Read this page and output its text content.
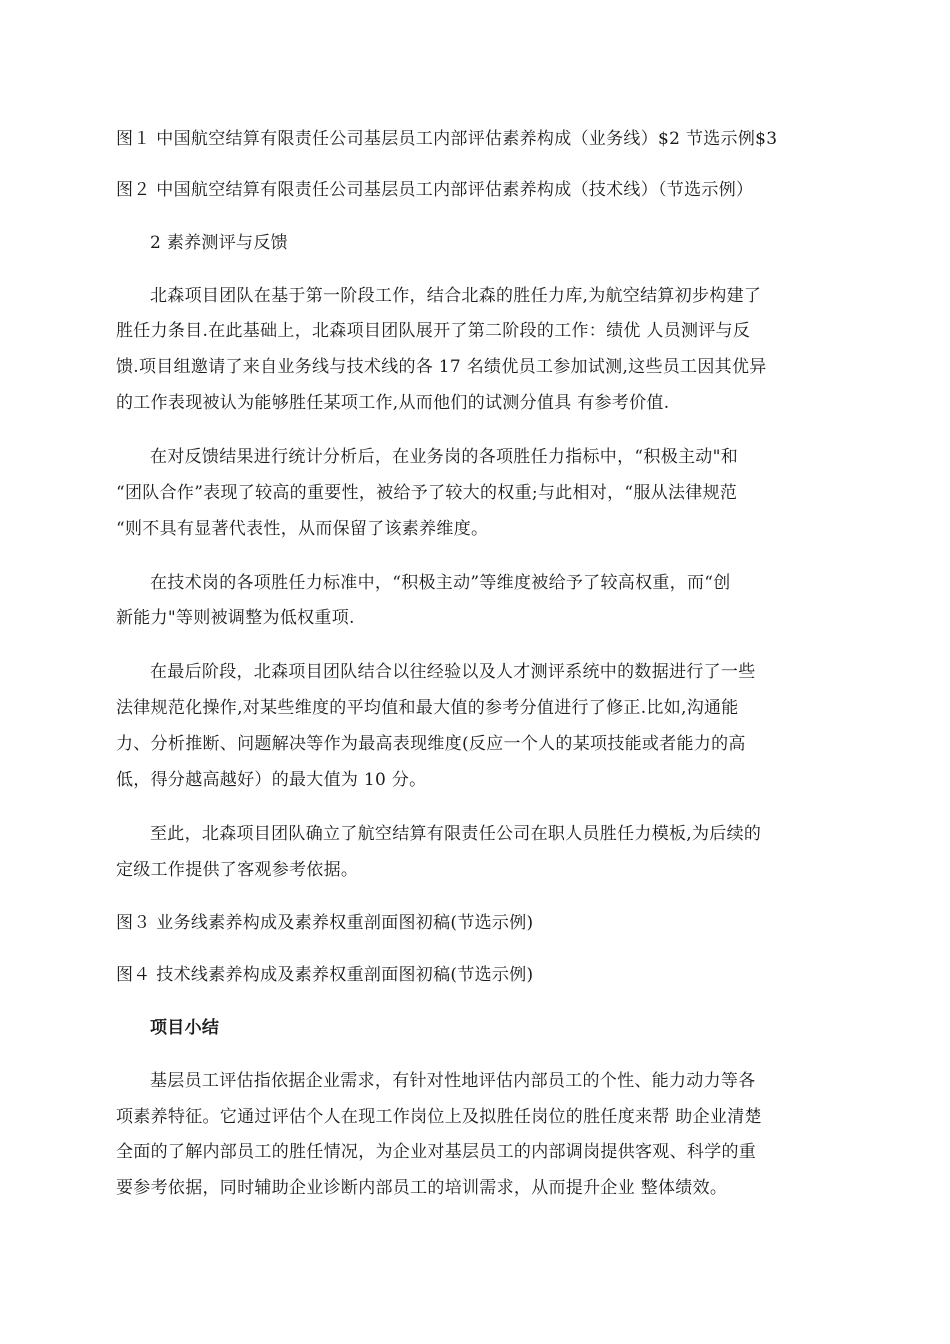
图１ 中国航空结算有限责任公司基层员工内部评估素养构成（业务线）$2 节选示例$3
图２ 中国航空结算有限责任公司基层员工内部评估素养构成（技术线）（节选示例）
2 素养测评与反馈
北森项目团队在基于第一阶段工作，结合北森的胜任力库,为航空结算初步构建了
胜任力条目.在此基础上，北森项目团队展开了第二阶段的工作：绩优 人员测评与反
馈.项目组邀请了来自业务线与技术线的各 17 名绩优员工参加试测,这些员工因其优异
的工作表现被认为能够胜任某项工作,从而他们的试测分值具 有参考价值.
在对反馈结果进行统计分析后，在业务岗的各项胜任力指标中，“积极主动"和
“团队合作”表现了较高的重要性，被给予了较大的权重;与此相对，“服从法律规范
“则不具有显著代表性，从而保留了该素养维度。
在技术岗的各项胜任力标准中，“积极主动”等维度被给予了较高权重，而“创
新能力"等则被调整为低权重项.
在最后阶段，北森项目团队结合以往经验以及人才测评系统中的数据进行了一些
法律规范化操作,对某些维度的平均值和最大值的参考分值进行了修正.比如,沟通能
力、分析推断、问题解决等作为最高表现维度(反应一个人的某项技能或者能力的高
低，得分越高越好）的最大值为 10 分。
至此，北森项目团队确立了航空结算有限责任公司在职人员胜任力模板,为后续的
定级工作提供了客观参考依据。
图３ 业务线素养构成及素养权重剖面图初稿(节选示例)
图４ 技术线素养构成及素养权重剖面图初稿(节选示例)
项目小结
基层员工评估指依据企业需求，有针对性地评估内部员工的个性、能力动力等各
项素养特征。它通过评估个人在现工作岗位上及拟胜任岗位的胜任度来帮 助企业清楚
全面的了解内部员工的胜任情况，为企业对基层员工的内部调岗提供客观、科学的重
要参考依据，同时辅助企业诊断内部员工的培训需求，从而提升企业 整体绩效。
